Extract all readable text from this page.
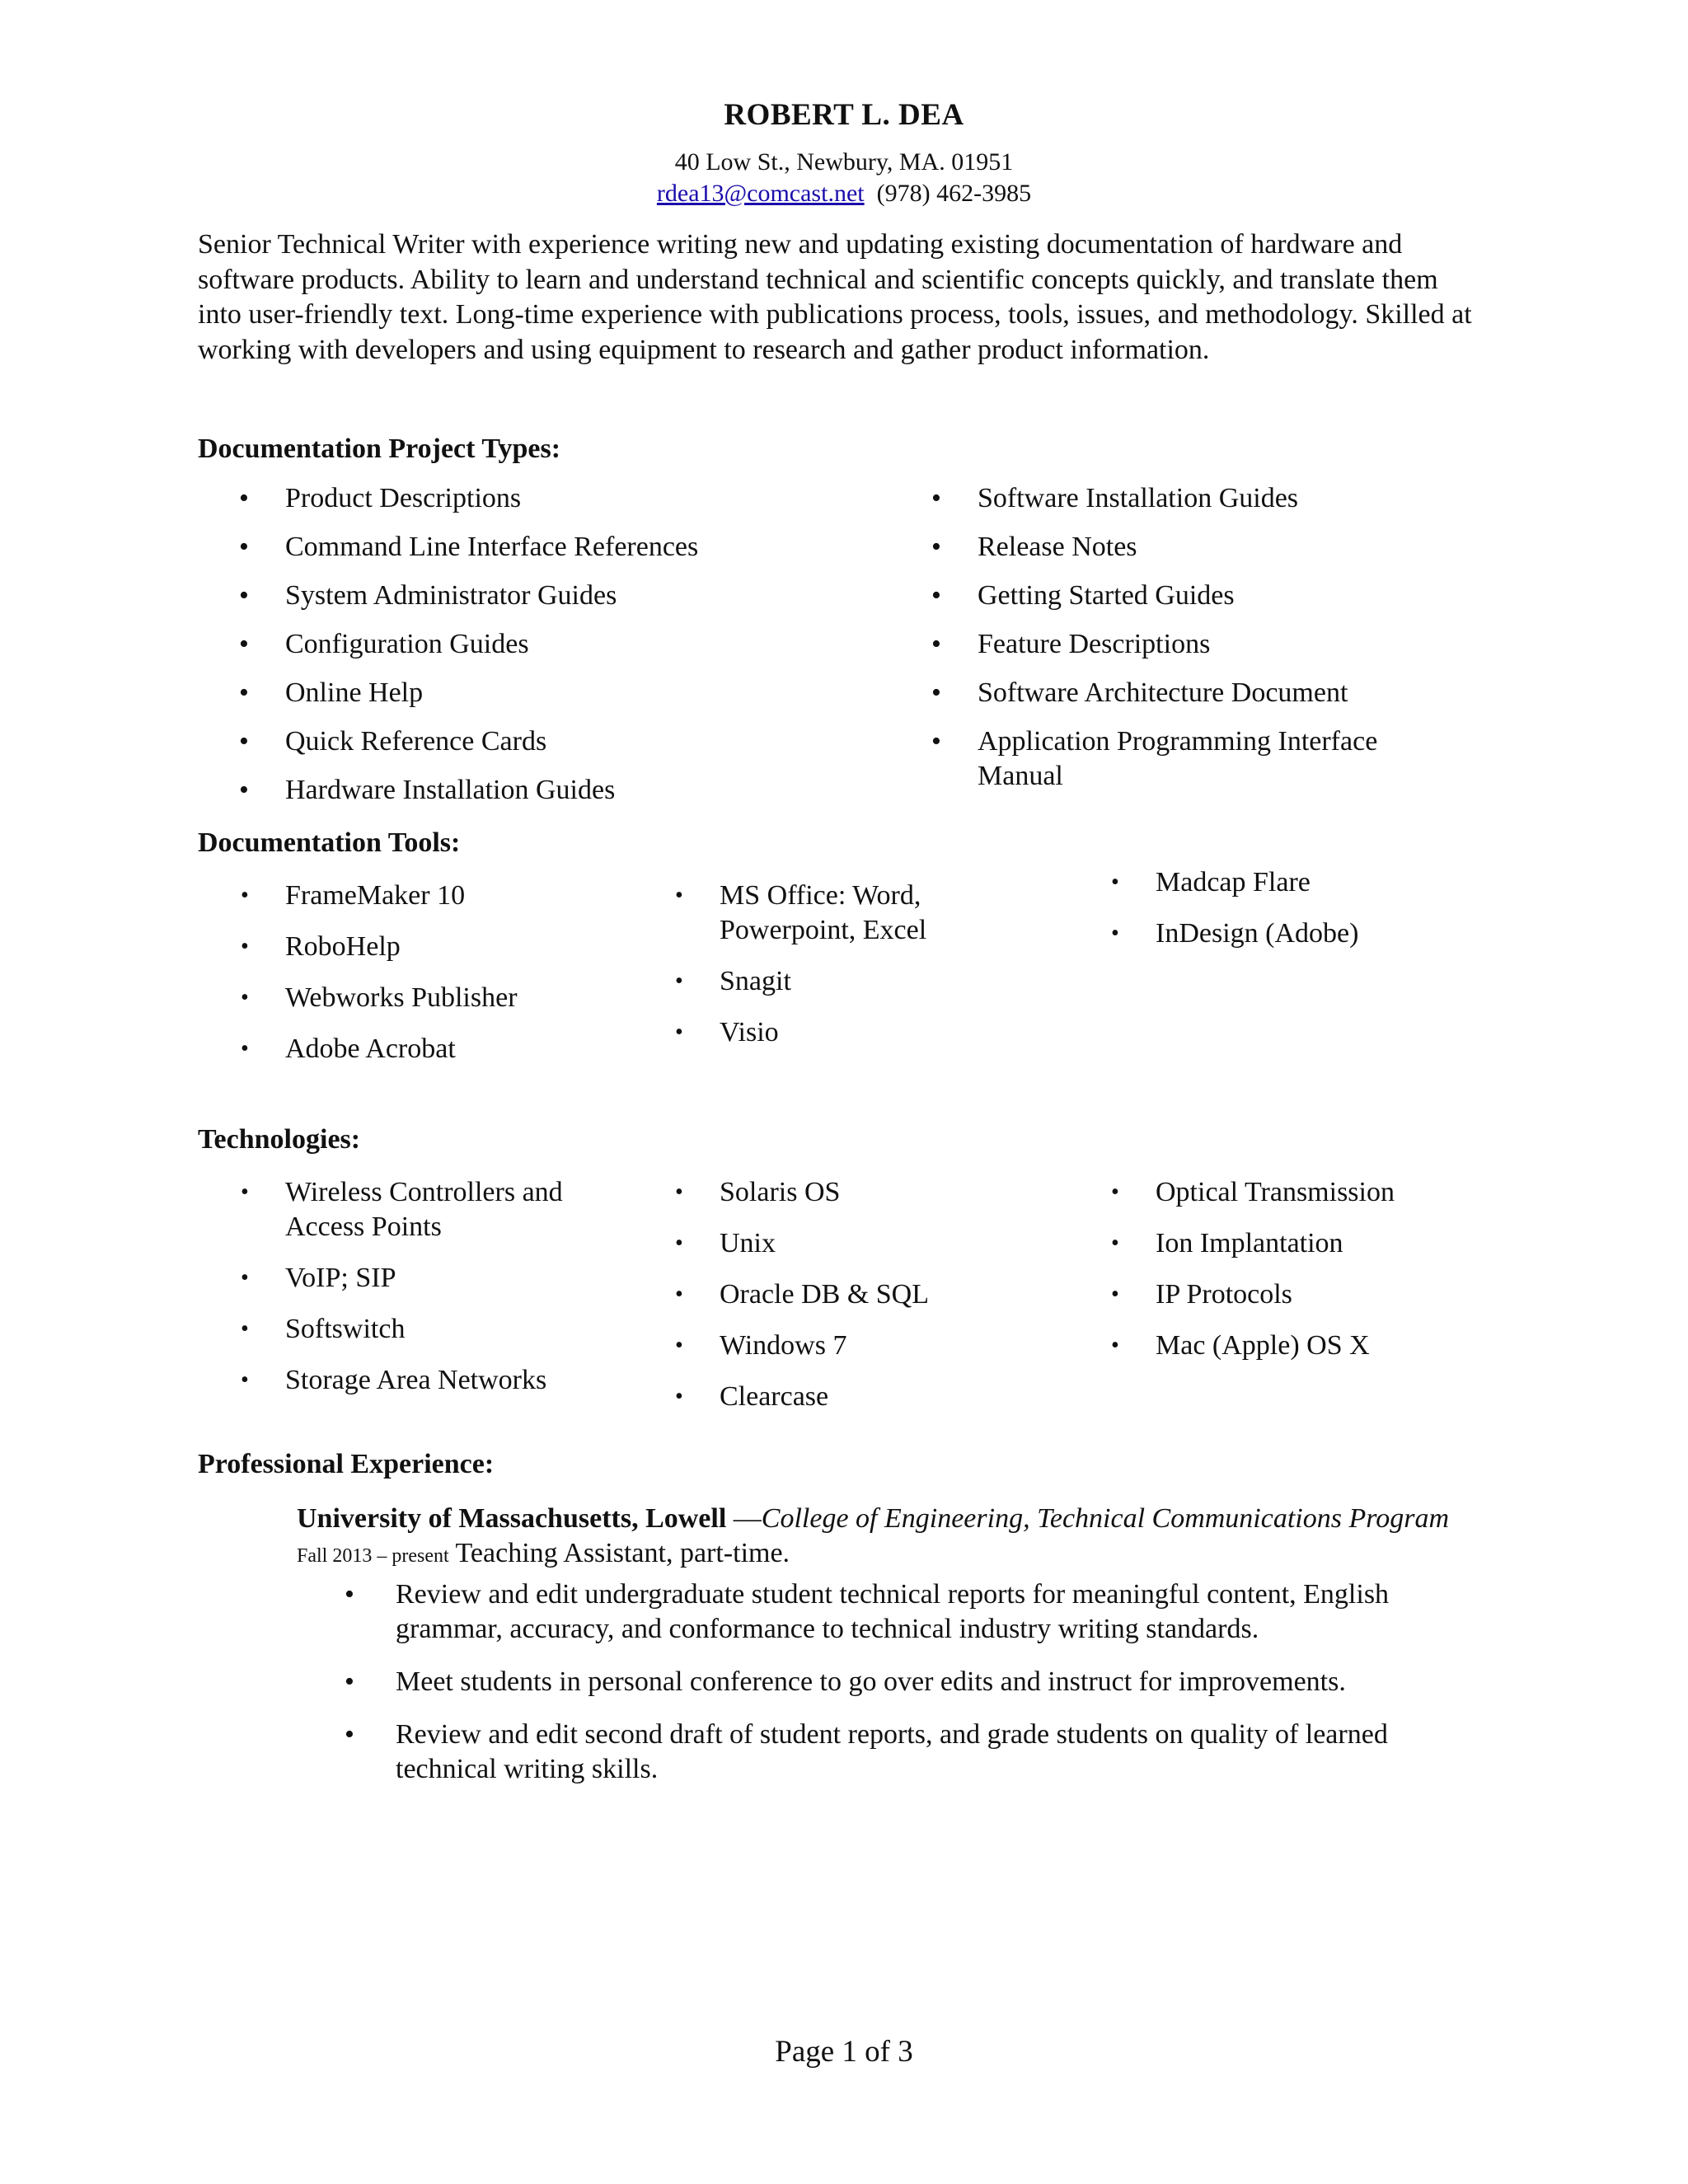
ROBERT L. DEA
40 Low St., Newbury, MA. 01951
rdea13@comcast.net (978) 462-3985
Senior Technical Writer with experience writing new and updating existing documentation of hardware and software products. Ability to learn and understand technical and scientific concepts quickly, and translate them into user-friendly text. Long-time experience with publications process, tools, issues, and methodology. Skilled at working with developers and using equipment to research and gather product information.
Documentation Project Types:
• Product Descriptions
• Command Line Interface References
• System Administrator Guides
• Configuration Guides
• Online Help
• Quick Reference Cards
• Hardware Installation Guides
• Software Installation Guides
• Release Notes
• Getting Started Guides
• Feature Descriptions
• Software Architecture Document
• Application Programming Interface Manual
Documentation Tools:
• FrameMaker 10
• RoboHelp
• Webworks Publisher
• Adobe Acrobat
• MS Office: Word, Powerpoint, Excel
• Snagit
• Visio
• Madcap Flare
• InDesign (Adobe)
Technologies:
• Wireless Controllers and Access Points
• VoIP; SIP
• Softswitch
• Storage Area Networks
• Solaris OS
• Unix
• Oracle DB & SQL
• Windows 7
• Clearcase
• Optical Transmission
• Ion Implantation
• IP Protocols
• Mac (Apple) OS X
Professional Experience:
University of Massachusetts, Lowell —College of Engineering, Technical Communications Program Fall 2013 – present Teaching Assistant, part-time.
• Review and edit undergraduate student technical reports for meaningful content, English grammar, accuracy, and conformance to technical industry writing standards.
• Meet students in personal conference to go over edits and instruct for improvements.
• Review and edit second draft of student reports, and grade students on quality of learned technical writing skills.
Page 1 of 3
